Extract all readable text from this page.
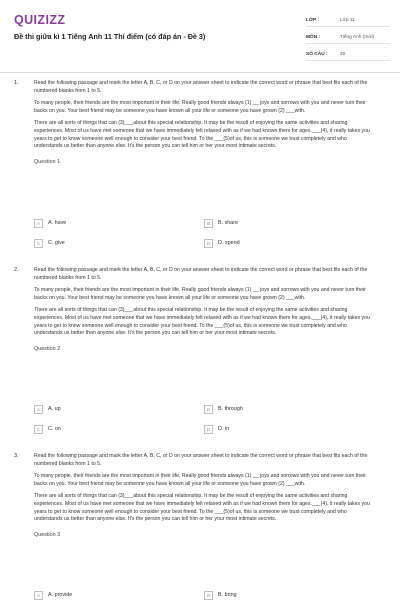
QUIZIZZ
Đề thi giữa kì 1 Tiếng Anh 11 Thí điểm (có đáp án - Đề 3)
LỚP :	Lớp 11
MÔN :	Tiếng Anh (mới)
SỐ CÂU :	40
1.	Read the following passage and mark the letter A, B, C, or D on your answer sheet to indicate the correct word or phrase that best fits each of the numbered blanks from 1 to 5.

To many people, their friends are the most important in their life. Really good friends always (1) __ joys and sorrows with you and never turn their backs on you. Your best friend may be someone you have known all your life or someone you have grown (2) ___with.

There are all sorts of things that can (3)___about this special relationship. It may be the result of enjoying the same activities and sharing experiences. Most of us have met someone that we have immediately felt relaxed with as if we had known them for ages.___(4), it really takes you years to get to know someone well enough to consider your best friend. To the ___(5)of us, this is someone we trust completely and who understands us better than anyone else. It's the person you can tell him or her your most intimate secrets.

Question 1
A	A. have	B	B. share
C	C. give	D	D. spend
2.	Read the following passage and mark the letter A, B, C, or D on your answer sheet to indicate the correct word or phrase that best fits each of the numbered blanks from 1 to 5.

To many people, their friends are the most important in their life. Really good friends always (1) __ joys and sorrows with you and never turn their backs on you. Your best friend may be someone you have known all your life or someone you have grown (2) ___with.

There are all sorts of things that can (3)___about this special relationship. It may be the result of enjoying the same activities and sharing experiences. Most of us have met someone that we have immediately felt relaxed with as if we had known them for ages.___(4), it really takes you years to get to know someone well enough to consider your best friend. To the ___(5)of us, this is someone we trust completely and who understands us better than anyone else. It's the person you can tell him or her your most intimate secrets.

Question 2
A	A. up	B	B. through
C	C. on	D	D. in
3.	Read the following passage and mark the letter A, B, C, or D on your answer sheet to indicate the correct word or phrase that best fits each of the numbered blanks from 1 to 5.

To many people, their friends are the most important in their life. Really good friends always (1) __ joys and sorrows with you and never turn their backs on you. Your best friend may be someone you have known all your life or someone you have grown (2) ___with.

There are all sorts of things that can (3)___about this special relationship. It may be the result of enjoying the same activities and sharing experiences. Most of us have met someone that we have immediately felt relaxed with as if we had known them for ages.___(4), it really takes you years to get to know someone well enough to consider your best friend. To the ___(5)of us, this is someone we trust completely and who understands us better than anyone else. It's the person you can tell him or her your most intimate secrets.

Question 3
A	A. provide	B	B. bring
